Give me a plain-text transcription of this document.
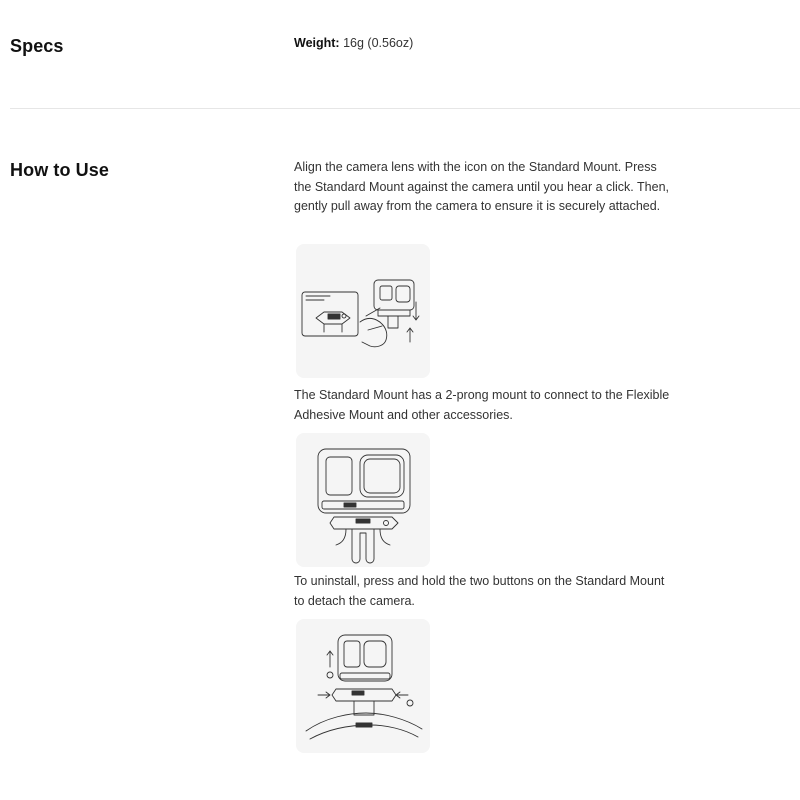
Specs	Weight: 16g (0.56oz)
How to Use	Align the camera lens with the icon on the Standard Mount. Press the Standard Mount against the camera until you hear a click. Then, gently pull away from the camera to ensure it is securely attached.

The Standard Mount has a 2-prong mount to connect to the Flexible Adhesive Mount and other accessories.

To uninstall, press and hold the two buttons on the Standard Mount to detach the camera.
